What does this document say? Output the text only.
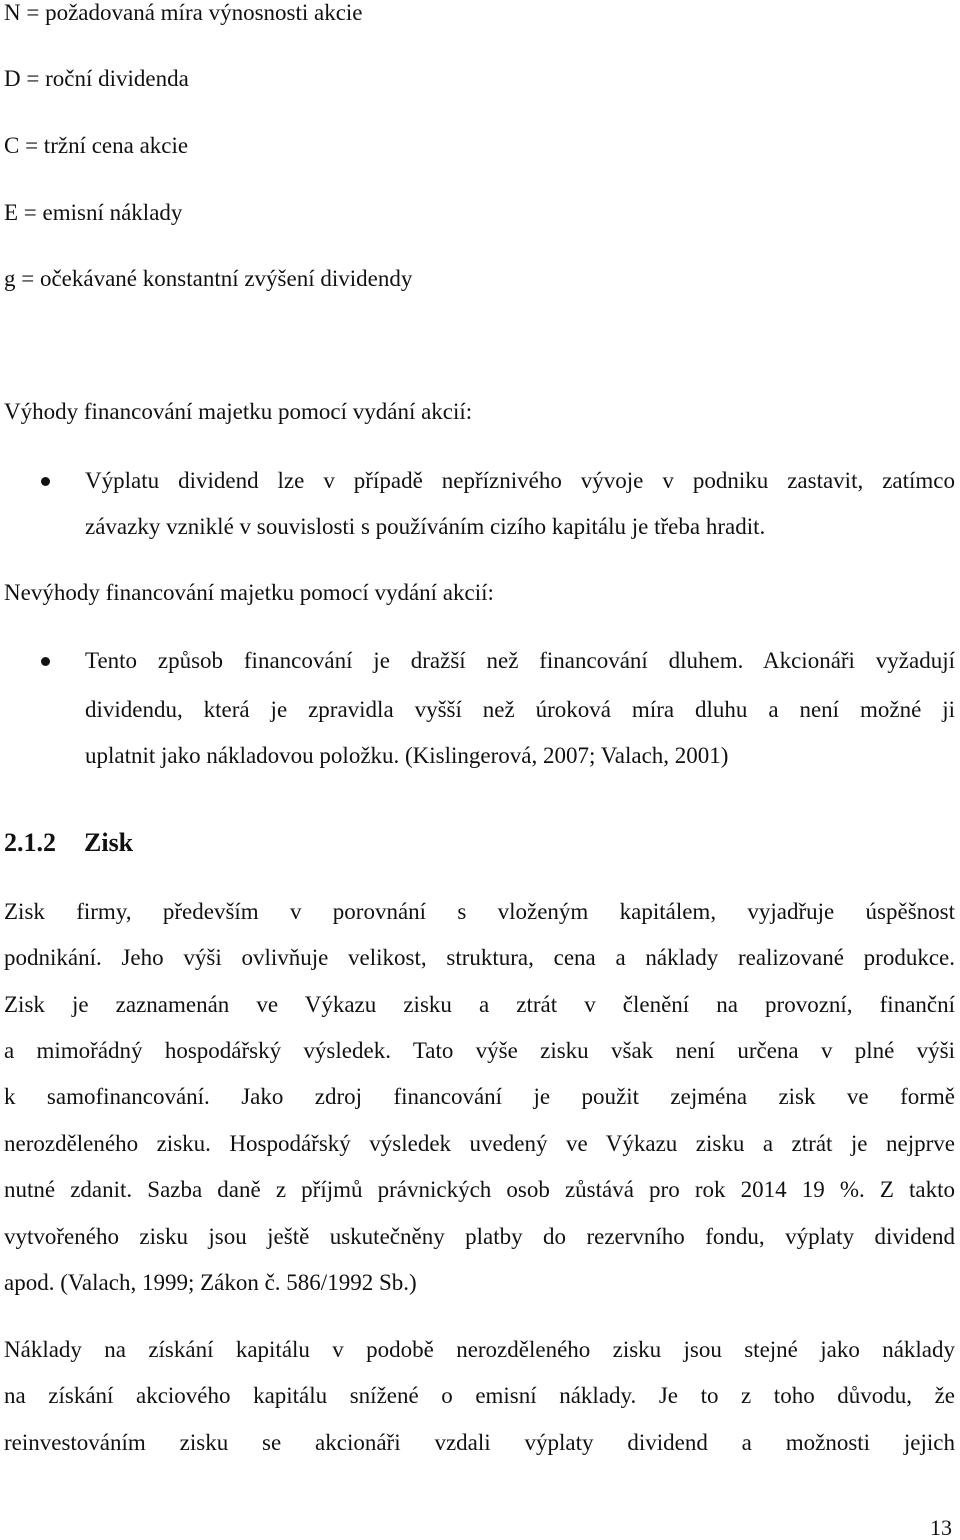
N = požadovaná míra výnosnosti akcie
D = roční dividenda
C = tržní cena akcie
E = emisní náklady
g = očekávané konstantní zvýšení dividendy
Výhody financování majetku pomocí vydání akcií:
Výplatu dividend lze v případě nepříznivého vývoje v podniku zastavit, zatímco
závazky vzniklé v souvislosti s používáním cizího kapitálu je třeba hradit.
Nevýhody financování majetku pomocí vydání akcií:
Tento způsob financování je dražší než financování dluhem. Akcionáři vyžadují
dividendu, která je zpravidla vyšší než úroková míra dluhu a není možné ji
uplatnit jako nákladovou položku. (Kislingerová, 2007; Valach, 2001)
2.1.2 Zisk
Zisk firmy, především v porovnání s vloženým kapitálem, vyjadřuje úspěšnost
podnikání. Jeho výši ovlivňuje velikost, struktura, cena a náklady realizované produkce.
Zisk je zaznamenán ve Výkazu zisku a ztrát v členění na provozní, finanční
a mimořádný hospodářský výsledek. Tato výše zisku však není určena v plné výši
k samofinancování. Jako zdroj financování je použit zejména zisk ve formě
nerozděleného zisku. Hospodářský výsledek uvedený ve Výkazu zisku a ztrát je nejprve
nutné zdanit. Sazba daně z příjmů právnických osob zůstává pro rok 2014 19 %. Z takto
vytvořeného zisku jsou ještě uskutečněny platby do rezervního fondu, výplaty dividend
apod. (Valach, 1999; Zákon č. 586/1992 Sb.)
Náklady na získání kapitálu v podobě nerozděleného zisku jsou stejné jako náklady
na získání akciového kapitálu snížené o emisní náklady. Je to z toho důvodu, že
reinvestováním zisku se akcionáři vzdali výplaty dividend a možnosti jejich
13
